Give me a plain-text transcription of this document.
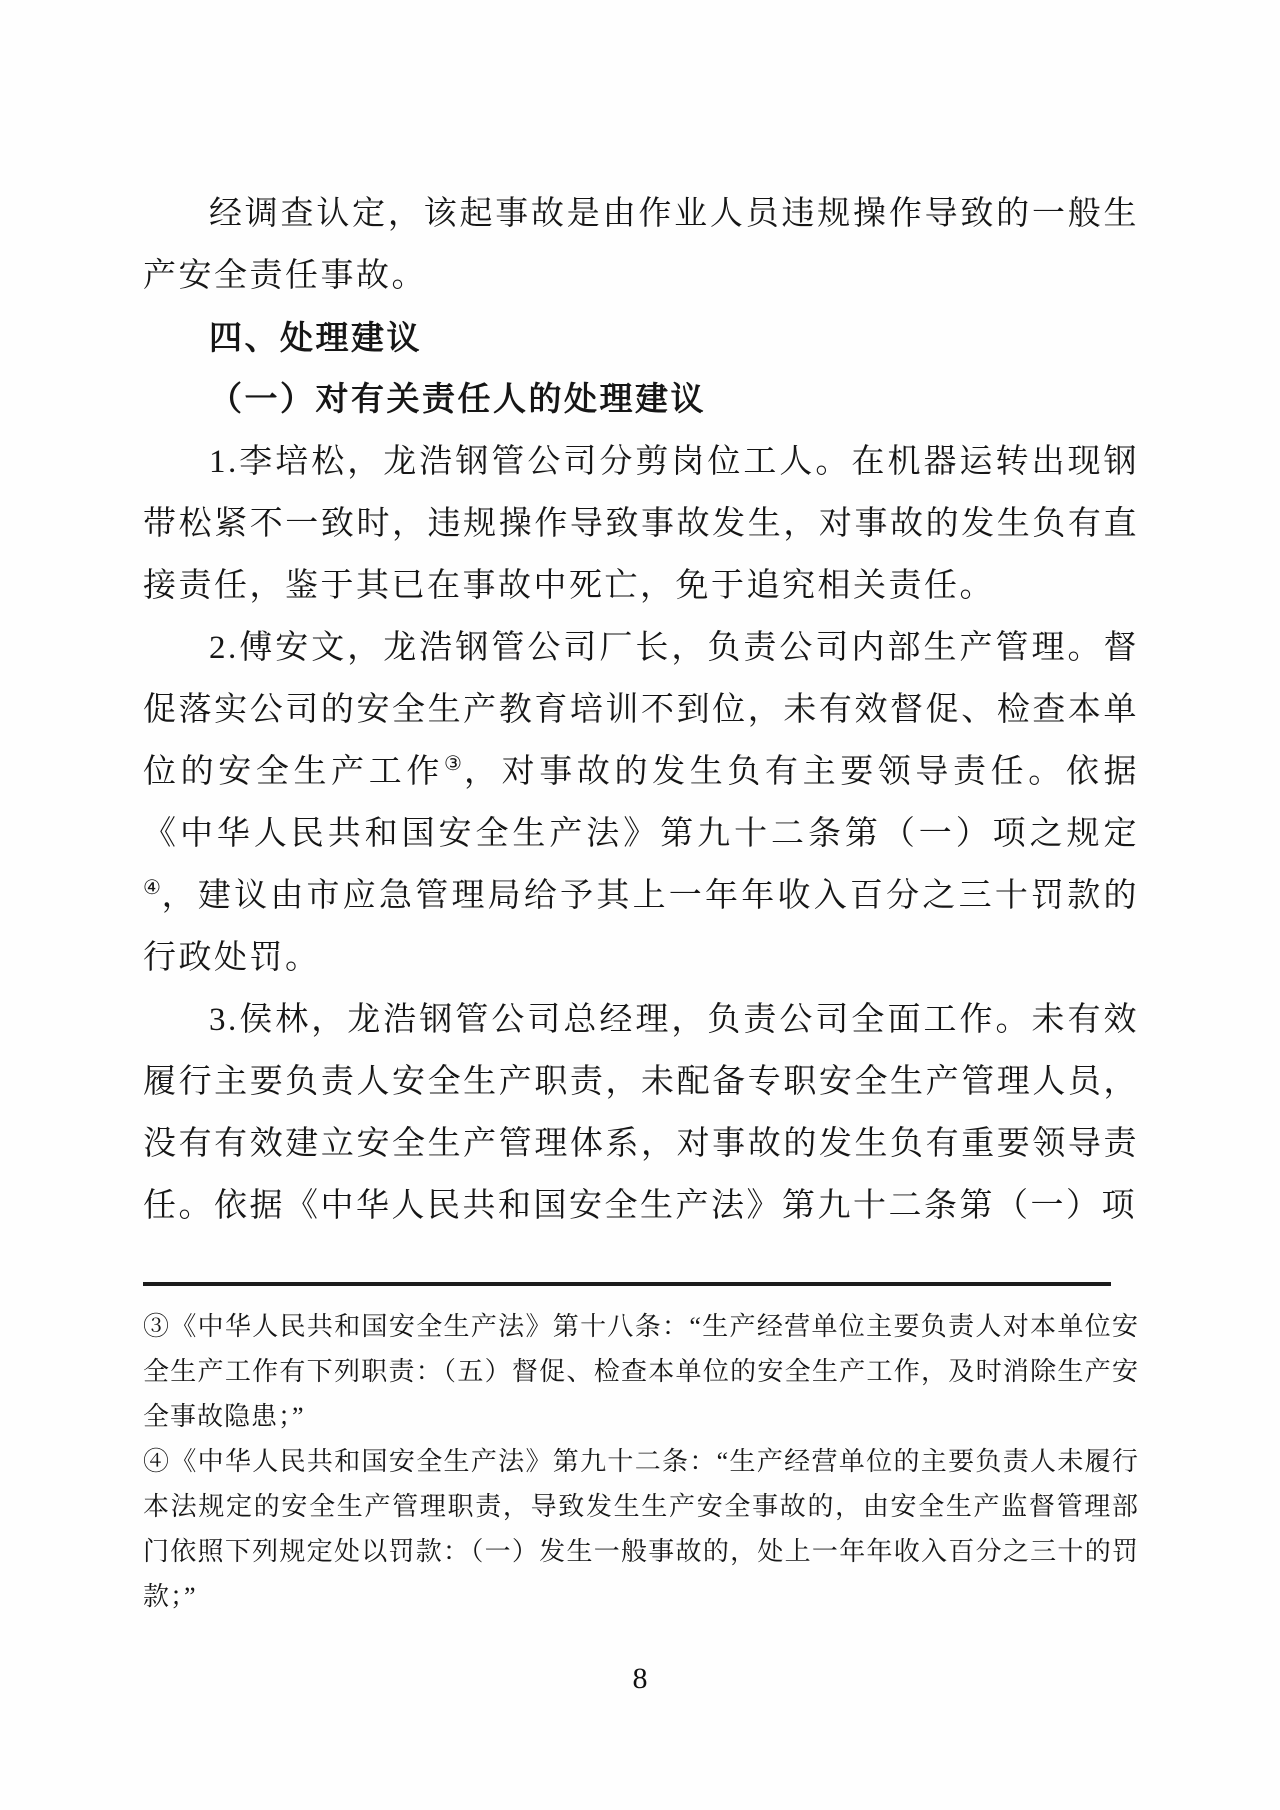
经调查认定，该起事故是由作业人员违规操作导致的一般生产安全责任事故。

四、处理建议

（一）对有关责任人的处理建议

1.李培松，龙浩钢管公司分剪岗位工人。在机器运转出现钢带松紧不一致时，违规操作导致事故发生，对事故的发生负有直接责任，鉴于其已在事故中死亡，免于追究相关责任。

2.傅安文，龙浩钢管公司厂长，负责公司内部生产管理。督促落实公司的安全生产教育培训不到位，未有效督促、检查本单位的安全生产工作③，对事故的发生负有主要领导责任。依据《中华人民共和国安全生产法》第九十二条第（一）项之规定④，建议由市应急管理局给予其上一年年收入百分之三十罚款的行政处罚。

3.侯林，龙浩钢管公司总经理，负责公司全面工作。未有效履行主要负责人安全生产职责，未配备专职安全生产管理人员，没有有效建立安全生产管理体系，对事故的发生负有重要领导责任。依据《中华人民共和国安全生产法》第九十二条第（一）项

③《中华人民共和国安全生产法》第十八条：“生产经营单位主要负责人对本单位安全生产工作有下列职责：（五）督促、检查本单位的安全生产工作，及时消除生产安全事故隐患；”

④《中华人民共和国安全生产法》第九十二条：“生产经营单位的主要负责人未履行本法规定的安全生产管理职责，导致发生生产安全事故的，由安全生产监督管理部门依照下列规定处以罚款：（一）发生一般事故的，处上一年年收入百分之三十的罚款；”

8
